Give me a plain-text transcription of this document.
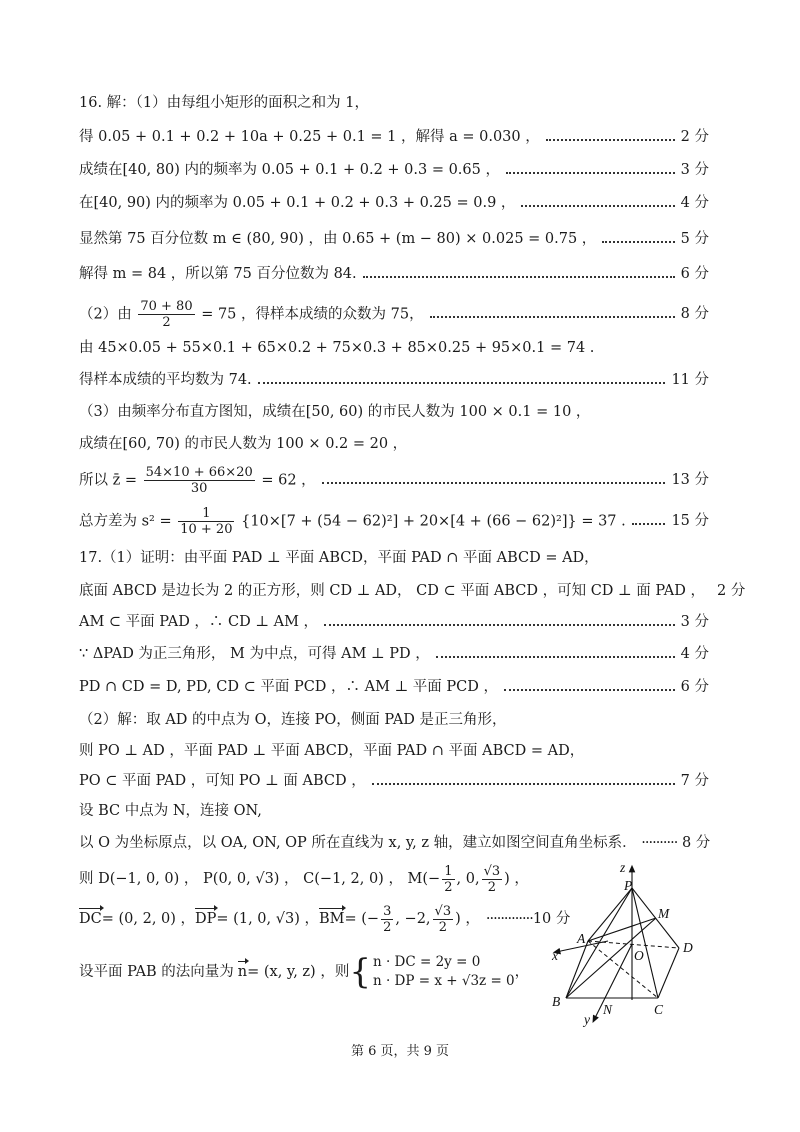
16. 解：（1）由每组小矩形的面积之和为 1，
得 0.05 + 0.1 + 0.2 + 10a + 0.25 + 0.1 = 1 ，解得 a = 0.030 ，	2 分
成绩在[40, 80) 内的频率为 0.05 + 0.1 + 0.2 + 0.3 = 0.65 ，	3 分
在[40, 90) 内的频率为 0.05 + 0.1 + 0.2 + 0.3 + 0.25 = 0.9 ，	4 分
显然第 75 百分位数 m ∈ (80, 90) ，由 0.65 + (m − 80) × 0.025 = 0.75 ，	5 分
解得 m = 84 ，所以第 75 百分位数为 84.	6 分
（2）由 $\frac{70 + 80}{2} = 75$ ，得样本成绩的众数为 75，	8 分
由 45×0.05 + 55×0.1 + 65×0.2 + 75×0.3 + 85×0.25 + 95×0.1 = 74 .
得样本成绩的平均数为 74.	11 分
（3）由频率分布直方图知，成绩在[50, 60) 的市民人数为 100 × 0.1 = 10 ，
成绩在[60, 70) 的市民人数为 100 × 0.2 = 20 ，
所以 z̄ = $\frac{54\times 10 + 66\times 20}{30} = 62$ ，	13 分
总方差为 $s^2 = \frac{1}{10 + 20} \{10\times[7 + (54 - 62)^2] + 20\times[4 + (66 - 62)^2]\} = 37$ .	15 分
17.（1）证明：由平面 PAD ⊥ 平面 ABCD，平面 PAD ∩ 平面 ABCD = AD，
底面 ABCD 是边长为 2 的正方形，则 CD ⊥ AD， CD ⊂ 平面 ABCD ，可知 CD ⊥ 面 PAD ， 2 分
AM ⊂ 平面 PAD ，∴ CD ⊥ AM ，	3 分
∵ ΔPAD 为正三角形， M 为中点，可得 AM ⊥ PD ，	4 分
PD ∩ CD = D, PD, CD ⊂ 平面 PCD ，∴ AM ⊥ 平面 PCD ，	6 分
（2）解：取 AD 的中点为 O，连接 PO，侧面 PAD 是正三角形，
则 PO ⊥ AD ，平面 PAD ⊥ 平面 ABCD，平面 PAD ∩ 平面 ABCD = AD，
PO ⊂ 平面 PAD ，可知 PO ⊥ 面 ABCD ，	7 分
设 BC 中点为 N，连接 ON,
以 O 为坐标原点，以 OA, ON, OP 所在直线为 x, y, z 轴，建立如图空间直角坐标系． ·········· 8 分
则 D(−1, 0, 0) ， P(0, 0, √3) ， C(−1, 2, 0) ， $M(- \frac{1}{2}$ , 0, $\frac{√3}{2}$ ) ，
DC = (0, 2, 0) ， DP = (1, 0, √3) ， BM = (− $\frac{3}{2}$ , −2, $\frac{√3}{2}$ ) ， ············· 10 分
设平面 PAB 的法向量为 n = (x, y, z) ，则 { n · DC = 2y = 0
n · DP = x + √3z = 0
，
P
M
A
D
O
B
C
N
x
y
z
第 6 页，共 9 页
